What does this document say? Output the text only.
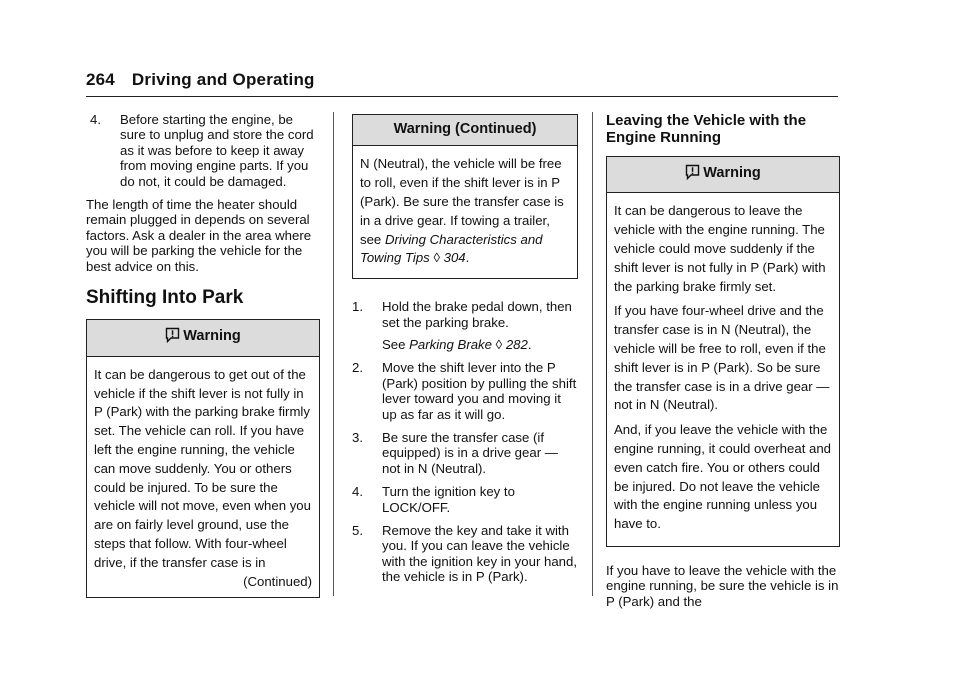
264 Driving and Operating
4.	Before starting the engine, be sure to unplug and store the cord as it was before to keep it away from moving engine parts. If you do not, it could be damaged.

The length of time the heater should remain plugged in depends on several factors. Ask a dealer in the area where you will be parking the vehicle for the best advice on this.

Shifting Into Park
Warning
It can be dangerous to get out of the vehicle if the shift lever is not fully in P (Park) with the parking brake firmly set. The vehicle can roll. If you have left the engine running, the vehicle can move suddenly. You or others could be injured. To be sure the vehicle will not move, even when you are on fairly level ground, use the steps that follow. With four-wheel drive, if the transfer case is in
(Continued)
Warning (Continued)
N (Neutral), the vehicle will be free to roll, even if the shift lever is in P (Park). Be sure the transfer case is in a drive gear. If towing a trailer, see Driving Characteristics and Towing Tips ◊ 304.
1.	Hold the brake pedal down, then set the parking brake.
See Parking Brake ◊ 282.
2.	Move the shift lever into the P (Park) position by pulling the shift lever toward you and moving it up as far as it will go.
3.	Be sure the transfer case (if equipped) is in a drive gear — not in N (Neutral).
4.	Turn the ignition key to LOCK/OFF.
5.	Remove the key and take it with you. If you can leave the vehicle with the ignition key in your hand, the vehicle is in P (Park).
Leaving the Vehicle with the Engine Running
Warning

It can be dangerous to leave the vehicle with the engine running. The vehicle could move suddenly if the shift lever is not fully in P (Park) with the parking brake firmly set.

If you have four-wheel drive and the transfer case is in N (Neutral), the vehicle will be free to roll, even if the shift lever is in P (Park). So be sure the transfer case is in a drive gear — not in N (Neutral).

And, if you leave the vehicle with the engine running, it could overheat and even catch fire. You or others could be injured. Do not leave the vehicle with the engine running unless you have to.

If you have to leave the vehicle with the engine running, be sure the vehicle is in P (Park) and the
